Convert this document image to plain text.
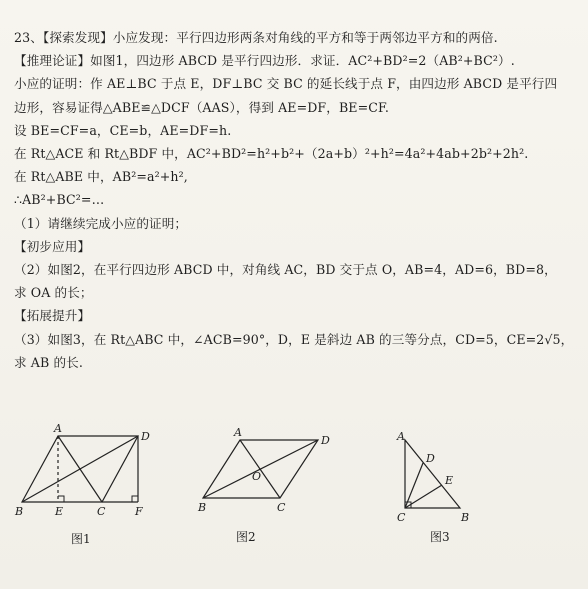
23、【探索发现】小应发现：平行四边形两条对角线的平方和等于两邻边平方和的两倍.
【推理论证】如图1，四边形 ABCD 是平行四边形．求证．AC²+BD²=2（AB²+BC²）.
小应的证明：作 AE⊥BC 于点 E，DF⊥BC 交 BC 的延长线于点 F，由四边形 ABCD 是平行四
边形，容易证得△ABE≌△DCF（AAS），得到 AE=DF，BE=CF.
设 BE=CF=a，CE=b，AE=DF=h.
在 Rt△ACE 和 Rt△BDF 中，AC²+BD²=h²+b²+（2a+b）²+h²=4a²+4ab+2b²+2h².
在 Rt△ABE 中，AB²=a²+h²,
∴AB²+BC²=…
（1）请继续完成小应的证明；
【初步应用】
（2）如图2，在平行四边形 ABCD 中，对角线 AC，BD 交于点 O，AB=4，AD=6，BD=8，
求 OA 的长；
【拓展提升】
（3）如图3，在 Rt△ABC 中，∠ACB=90°，D，E 是斜边 AB 的三等分点，CD=5，CE=2√5，
求 AB 的长.
A
D
B	E	C	F
图1
A
D
B	C
O
图2
A
D
E
C	B
图3
